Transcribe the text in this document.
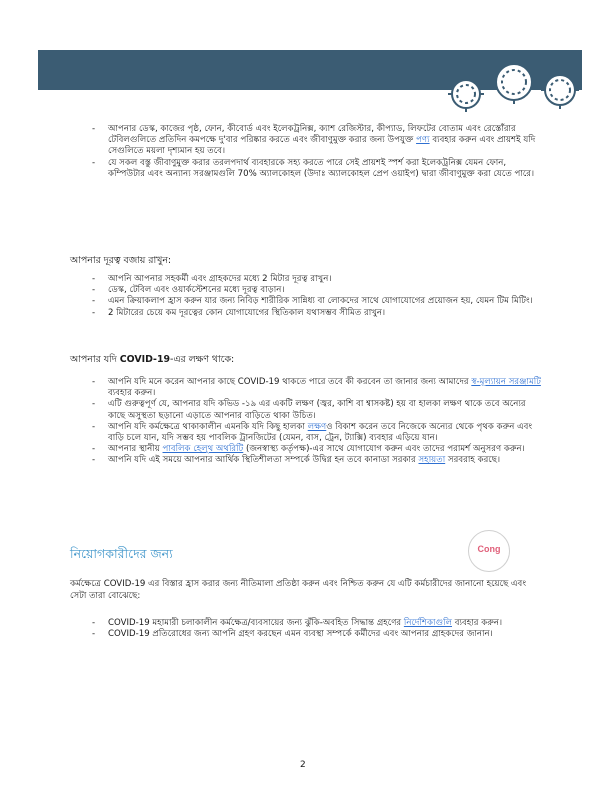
- আপনার ডেস্ক, কাজের পৃষ্ঠ, ফোন, কীবোর্ড এবং ইলেকট্রনিক্স, ক্যাশ রেজিস্টার, কীপ্যাড, লিফটের বোতাম এবং রেস্তোঁরার টেবিলগুলিতে প্রতিদিন কমপক্ষে দু'বার পরিষ্কার করতে এবং জীবাণুমুক্ত করার জন্য উপযুক্ত পণ্য ব্যবহার করুন এবং প্রায়শই যদি সেগুলিতে ময়লা দৃশ্যমান হয় তবে।
- যে সকল বস্তু জীবাণুমুক্ত করার তরলপদার্থ ব্যবহারকে সহ্য করতে পারে সেই প্রায়শই স্পর্শ করা ইলেকট্রনিক্স যেমন ফোন, কম্পিউটার এবং অন্যান্য সরঞ্জামগুলি 70% অ্যালকোহল (উদাঃ অ্যালকোহল প্রেপ ওয়াইপ) দ্বারা জীবাণুমুক্ত করা যেতে পারে।
আপনার দূরত্ব বজায় রাখুন:
- আপনি আপনার সহকর্মী এবং গ্রাহকদের মধ্যে 2 মিটার দূরত্ব রাখুন।
- ডেস্ক, টেবিল এবং ওয়ার্কস্টেশনের মধ্যে দূরত্ব বাড়ান।
- এমন ক্রিয়াকলাপ হ্রাস করুন যার জন্য নিবিড় শারীরিক সান্নিধ্য বা লোকদের সাথে যোগাযোগের প্রয়োজন হয়, যেমন টিম মিটিং।
- 2 মিটারের চেয়ে কম দূরত্বের কোন যোগাযোগের স্থিতিকাল যথাসম্ভব সীমিত রাখুন।
আপনার যদি COVID-19-এর লক্ষণ থাকে:
- আপনি যদি মনে করেন আপনার কাছে COVID-19 থাকতে পারে তবে কী করবেন তা জানার জন্য আমাদের স্ব-মূল্যায়ন সরঞ্জামটি ব্যবহার করুন।
- এটি গুরুত্বপূর্ণ যে, আপনার যদি কভিড -১৯ এর একটি লক্ষণ (জ্বর, কাশি বা শ্বাসকষ্ট) হয় বা হালকা লক্ষণ থাকে তবে অন্যের কাছে অসুস্থতা ছড়ানো এড়াতে আপনার বাড়িতে থাকা উচিত।
- আপনি যদি কর্মক্ষেত্রে থাকাকালীন এমনকি যদি কিছু হালকা লক্ষণও বিকাশ করেন তবে নিজেকে অন্যের থেকে পৃথক করুন এবং বাড়ি চলে যান, যদি সম্ভব হয় পাবলিক ট্রানজিটের (যেমন, বাস, ট্রেন, ট্যাক্সি) ব্যবহার এড়িয়ে যান।
- আপনার স্থানীয় পাবলিক হেল্থ অথরিটি (জনস্বাস্থ্য কর্তৃপক্ষ)-এর সাথে যোগাযোগ করুন এবং তাদের পরামর্শ অনুসরণ করুন।
- আপনি যদি এই সময়ে আপনার আর্থিক স্থিতিশীলতা সম্পর্কে উদ্বিগ্ন হন তবে কানাডা সরকার সহায়তা সরবরাহ করছে।
নিয়োগকারীদের জন্য	Cong
কর্মক্ষেত্রে COVID-19 এর বিস্তার হ্রাস করার জন্য নীতিমালা প্রতিষ্ঠা করুন এবং নিশ্চিত করুন যে এটি কর্মচারীদের জানানো হয়েছে এবং সেটা তারা বোঝেছে:
- COVID-19 মহামারী চলাকালীন কর্মক্ষেত্র/ব্যবসায়ের জন্য ঝুঁকি-অবহিত সিদ্ধান্ত গ্রহণের নির্দেশিকাগুলি ব্যবহার করুন।
- COVID-19 প্রতিরোধের জন্য আপনি গ্রহণ করছেন এমন ব্যবস্থা সম্পর্কে কর্মীদের এবং আপনার গ্রাহকদের জানান।
2
